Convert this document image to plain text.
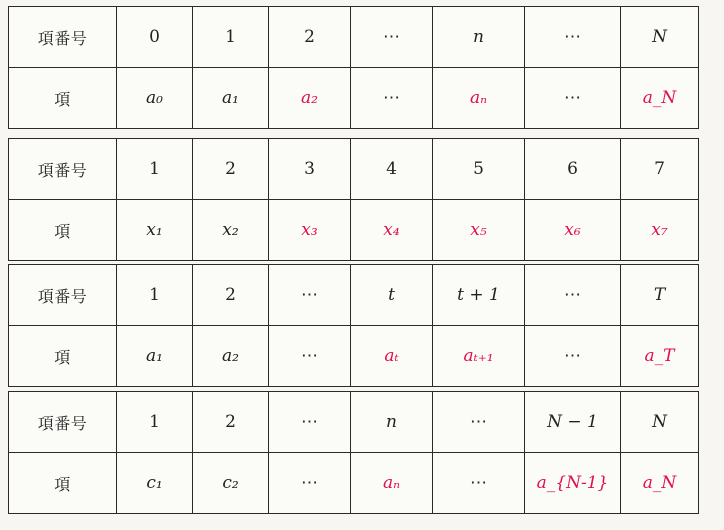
項番号	0	1	2	⋯	n	⋯	N
項	a₀	a₁	a₂	⋯	aₙ	⋯	a_N
項番号	1	2	3	4	5	6	7
項	x₁	x₂	x₃	x₄	x₅	x₆	x₇
項番号	1	2	⋯	t	t + 1	⋯	T
項	a₁	a₂	⋯	aₜ	aₜ₊₁	⋯	a_T
項番号	1	2	⋯	n	⋯	N − 1	N
項	c₁	c₂	⋯	aₙ	⋯	a_{N-1}	a_N
